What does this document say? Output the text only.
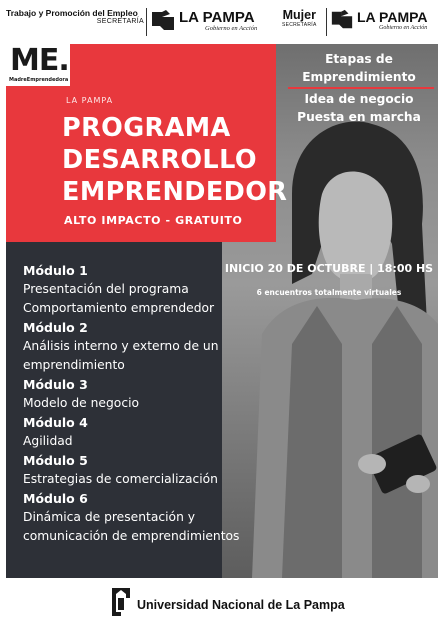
Trabajo y Promoción del Empleo
SECRETARÍA LA PAMPA
Gobierno en Acción
Mujer
SECRETARÍA
LA PAMPA
Gobierno en Acción
ME.
MadreEmprendedora
Etapas de
Emprendimiento
Idea de negocio
Puesta en marcha
LA PAMPA
PROGRAMA
DESARROLLO
EMPRENDEDOR
ALTO IMPACTO - GRATUITO
Módulo 1
Presentación del programa
Comportamiento emprendedor
Módulo 2
Análisis interno y externo de un
emprendimiento
Módulo 3
Modelo de negocio
Módulo 4
Agilidad
Módulo 5
Estrategias de comercialización
Módulo 6
Dinámica de presentación y
comunicación de emprendimientos
INICIO 20 DE OCTUBRE | 18:00 HS
6 encuentros totalmente virtuales
Universidad Nacional de La Pampa
